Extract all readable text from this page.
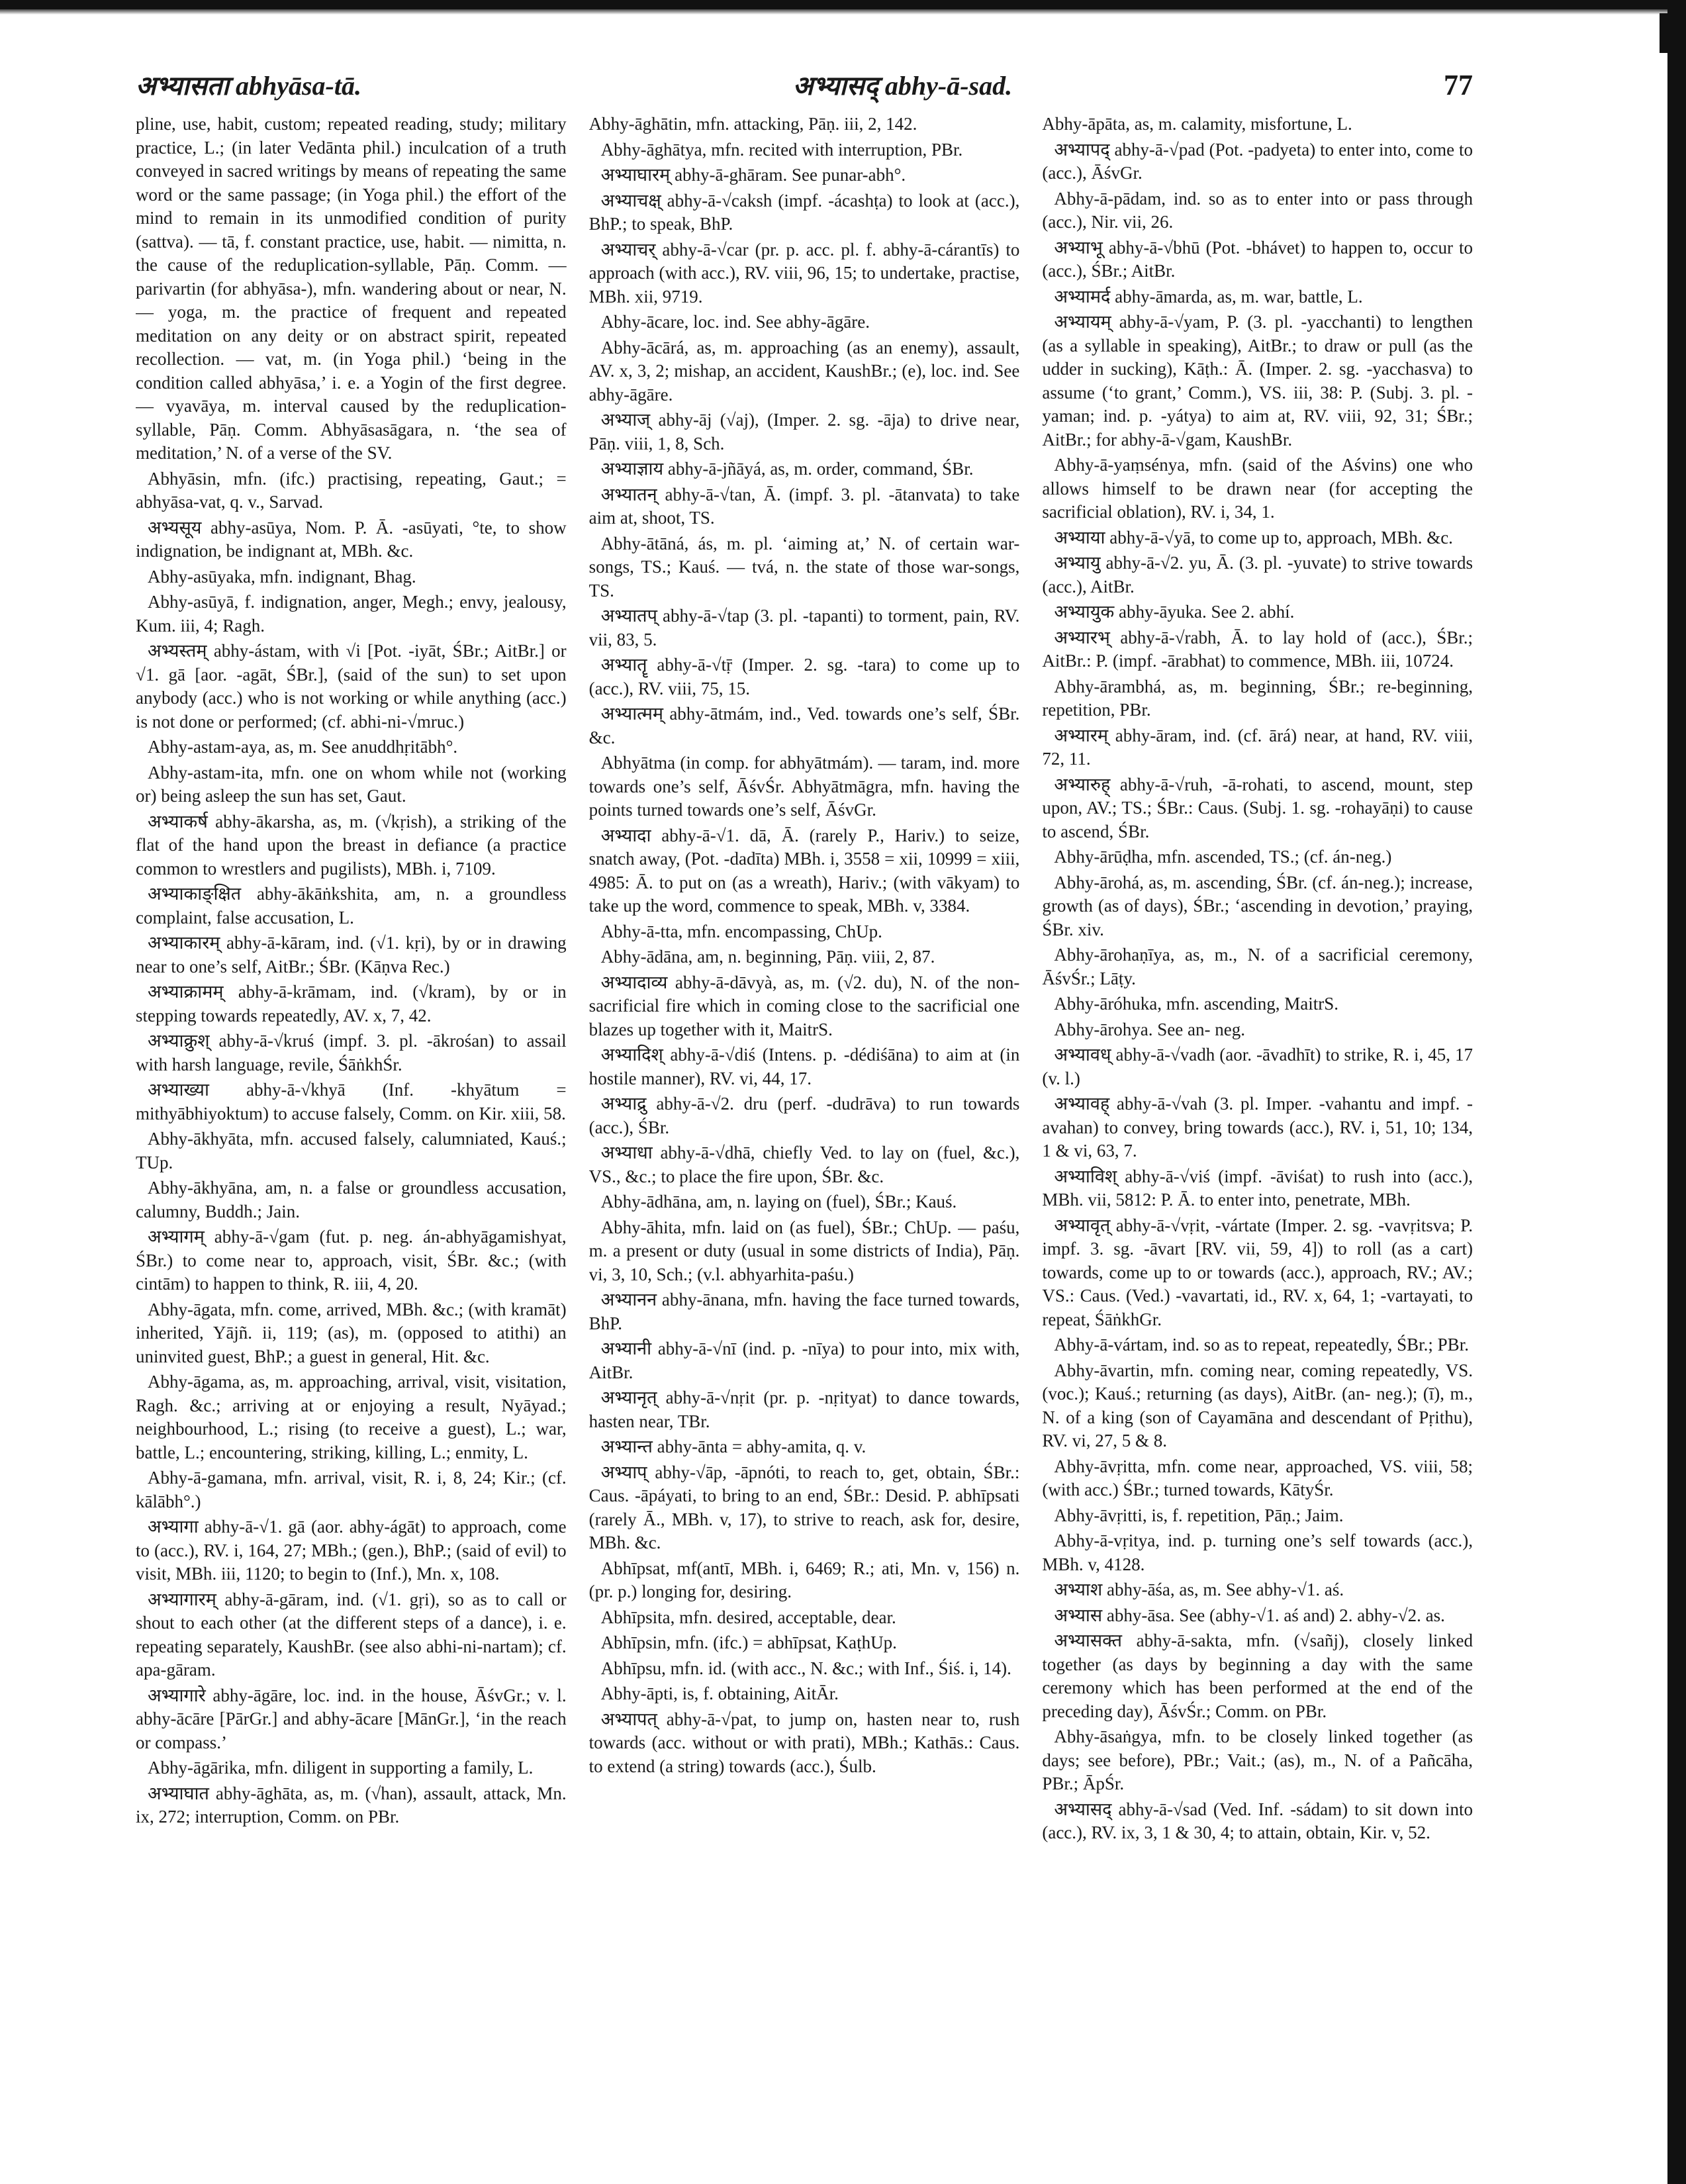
अभ्यासता abhyāsa-tā.	अभ्यासद् abhy-ā-sad.	77

pline, use, habit, custom; repeated reading, study; military practice, L.; (in later Vedānta phil.) inculcation of a truth conveyed in sacred writings by means of repeating the same word or the same passage; (in Yoga phil.) the effort of the mind to remain in its unmodified condition of purity (sattva). — tā, f. constant practice, use, habit. — nimitta, n. the cause of the reduplication-syllable, Pāṇ. Comm. — parivartin (for abhyāsa-), mfn. wandering about or near, N. — yoga, m. the practice of frequent and repeated meditation on any deity or on abstract spirit, repeated recollection. — vat, m. (in Yoga phil.) ‘being in the condition called abhyāsa,’ i. e. a Yogin of the first degree. — vyavāya, m. interval caused by the reduplication-syllable, Pāṇ. Comm. Abhyāsasāgara, n. ‘the sea of meditation,’ N. of a verse of the SV.

Abhyāsin, mfn. (ifc.) practising, repeating, Gaut.; = abhyāsa-vat, q. v., Sarvad.

अभ्यसूय abhy-asūya, Nom. P. Ā. -asūyati, °te, to show indignation, be indignant at, MBh. &c.

Abhy-asūyaka, mfn. indignant, Bhag.

Abhy-asūyā, f. indignation, anger, Megh.; envy, jealousy, Kum. iii, 4; Ragh.

अभ्यस्तम् abhy-ástam, with √i [Pot. -iyāt, ŚBr.; AitBr.] or √1. gā [aor. -agāt, ŚBr.], (said of the sun) to set upon anybody (acc.) who is not working or while anything (acc.) is not done or performed; (cf. abhi-ni-√mruc.)

Abhy-astam-aya, as, m. See anuddhṛitābh°.

Abhy-astam-ita, mfn. one on whom while not (working or) being asleep the sun has set, Gaut.

अभ्याकर्ष abhy-ākarsha, as, m. (√kṛish), a striking of the flat of the hand upon the breast in defiance (a practice common to wrestlers and pugilists), MBh. i, 7109.

अभ्याकाङ्क्षित abhy-ākāṅkshita, am, n. a groundless complaint, false accusation, L.

अभ्याकारम् abhy-ā-kāram, ind. (√1. kṛi), by or in drawing near to one’s self, AitBr.; ŚBr. (Kāṇva Rec.)

अभ्याक्रामम् abhy-ā-krāmam, ind. (√kram), by or in stepping towards repeatedly, AV. x, 7, 42.

अभ्याक्रुश् abhy-ā-√kruś (impf. 3. pl. -ākrośan) to assail with harsh language, revile, ŚāṅkhŚr.

अभ्याख्या abhy-ā-√khyā (Inf. -khyātum = mithyābhiyoktum) to accuse falsely, Comm. on Kir. xiii, 58.

Abhy-ākhyāta, mfn. accused falsely, calumniated, Kauś.; TUp.

Abhy-ākhyāna, am, n. a false or groundless accusation, calumny, Buddh.; Jain.

अभ्यागम् abhy-ā-√gam (fut. p. neg. án-abhyāgamishyat, ŚBr.) to come near to, approach, visit, ŚBr. &c.; (with cintām) to happen to think, R. iii, 4, 20.

Abhy-āgata, mfn. come, arrived, MBh. &c.; (with kramāt) inherited, Yājñ. ii, 119; (as), m. (opposed to atithi) an uninvited guest, BhP.; a guest in general, Hit. &c.

Abhy-āgama, as, m. approaching, arrival, visit, visitation, Ragh. &c.; arriving at or enjoying a result, Nyāyad.; neighbourhood, L.; rising (to receive a guest), L.; war, battle, L.; encountering, striking, killing, L.; enmity, L.

Abhy-ā-gamana, mfn. arrival, visit, R. i, 8, 24; Kir.; (cf. kālābh°.)

अभ्यागा abhy-ā-√1. gā (aor. abhy-ágāt) to approach, come to (acc.), RV. i, 164, 27; MBh.; (gen.), BhP.; (said of evil) to visit, MBh. iii, 1120; to begin to (Inf.), Mn. x, 108.

अभ्यागारम् abhy-ā-gāram, ind. (√1. gṛi), so as to call or shout to each other (at the different steps of a dance), i. e. repeating separately, KaushBr. (see also abhi-ni-nartam); cf. apa-gāram.

अभ्यागारे abhy-āgāre, loc. ind. in the house, ĀśvGr.; v. l. abhy-ācāre [PārGr.] and abhy-ācare [MānGr.], ‘in the reach or compass.’

Abhy-āgārika, mfn. diligent in supporting a family, L.

अभ्याघात abhy-āghāta, as, m. (√han), assault, attack, Mn. ix, 272; interruption, Comm. on PBr.

Abhy-āghātin, mfn. attacking, Pāṇ. iii, 2, 142.

Abhy-āghātya, mfn. recited with interruption, PBr.

अभ्याघारम् abhy-ā-ghāram. See punar-abh°.

अभ्याचक्ष् abhy-ā-√caksh (impf. -ácashṭa) to look at (acc.), BhP.; to speak, BhP.

अभ्याचर् abhy-ā-√car (pr. p. acc. pl. f. abhy-ā-cárantīs) to approach (with acc.), RV. viii, 96, 15; to undertake, practise, MBh. xii, 9719.

Abhy-ācare, loc. ind. See abhy-āgāre.

Abhy-ācārá, as, m. approaching (as an enemy), assault, AV. x, 3, 2; mishap, an accident, KaushBr.; (e), loc. ind. See abhy-āgāre.

अभ्याज् abhy-āj (√aj), (Imper. 2. sg. -āja) to drive near, Pāṇ. viii, 1, 8, Sch.

अभ्याज्ञाय abhy-ā-jñāyá, as, m. order, command, ŚBr.

अभ्यातन् abhy-ā-√tan, Ā. (impf. 3. pl. -ātanvata) to take aim at, shoot, TS.

Abhy-ātāná, ás, m. pl. ‘aiming at,’ N. of certain war-songs, TS.; Kauś. — tvá, n. the state of those war-songs, TS.

अभ्यातप् abhy-ā-√tap (3. pl. -tapanti) to torment, pain, RV. vii, 83, 5.

अभ्यातॄ abhy-ā-√tṝ (Imper. 2. sg. -tara) to come up to (acc.), RV. viii, 75, 15.

अभ्यात्मम् abhy-ātmám, ind., Ved. towards one’s self, ŚBr. &c.

Abhyātma (in comp. for abhyātmám). — taram, ind. more towards one’s self, ĀśvŚr. Abhyātmāgra, mfn. having the points turned towards one’s self, ĀśvGr.

अभ्यादा abhy-ā-√1. dā, Ā. (rarely P., Hariv.) to seize, snatch away, (Pot. -dadīta) MBh. i, 3558 = xii, 10999 = xiii, 4985: Ā. to put on (as a wreath), Hariv.; (with vākyam) to take up the word, commence to speak, MBh. v, 3384.

Abhy-ā-tta, mfn. encompassing, ChUp.

Abhy-ādāna, am, n. beginning, Pāṇ. viii, 2, 87.

अभ्यादाव्य abhy-ā-dāvyà, as, m. (√2. du), N. of the non-sacrificial fire which in coming close to the sacrificial one blazes up together with it, MaitrS.

अभ्यादिश् abhy-ā-√diś (Intens. p. -dédiśāna) to aim at (in hostile manner), RV. vi, 44, 17.

अभ्याद्रु abhy-ā-√2. dru (perf. -dudrāva) to run towards (acc.), ŚBr.

अभ्याधा abhy-ā-√dhā, chiefly Ved. to lay on (fuel, &c.), VS., &c.; to place the fire upon, ŚBr. &c.

Abhy-ādhāna, am, n. laying on (fuel), ŚBr.; Kauś.

Abhy-āhita, mfn. laid on (as fuel), ŚBr.; ChUp. — paśu, m. a present or duty (usual in some districts of India), Pāṇ. vi, 3, 10, Sch.; (v.l. abhyarhita-paśu.)

अभ्यानन abhy-ānana, mfn. having the face turned towards, BhP.

अभ्यानी abhy-ā-√nī (ind. p. -nīya) to pour into, mix with, AitBr.

अभ्यानृत् abhy-ā-√nṛit (pr. p. -nṛityat) to dance towards, hasten near, TBr.

अभ्यान्त abhy-ānta = abhy-amita, q. v.

अभ्याप् abhy-√āp, -āpnóti, to reach to, get, obtain, ŚBr.: Caus. -āpáyati, to bring to an end, ŚBr.: Desid. P. abhīpsati (rarely Ā., MBh. v, 17), to strive to reach, ask for, desire, MBh. &c.

Abhīpsat, mf(antī, MBh. i, 6469; R.; ati, Mn. v, 156) n. (pr. p.) longing for, desiring.

Abhīpsita, mfn. desired, acceptable, dear.

Abhīpsin, mfn. (ifc.) = abhīpsat, KaṭhUp.

Abhīpsu, mfn. id. (with acc., N. &c.; with Inf., Śiś. i, 14).

Abhy-āpti, is, f. obtaining, AitĀr.

अभ्यापत् abhy-ā-√pat, to jump on, hasten near to, rush towards (acc. without or with prati), MBh.; Kathās.: Caus. to extend (a string) towards (acc.), Śulb.

Abhy-āpāta, as, m. calamity, misfortune, L.

अभ्यापद् abhy-ā-√pad (Pot. -padyeta) to enter into, come to (acc.), ĀśvGr.

Abhy-ā-pādam, ind. so as to enter into or pass through (acc.), Nir. vii, 26.

अभ्याभू abhy-ā-√bhū (Pot. -bhávet) to happen to, occur to (acc.), ŚBr.; AitBr.

अभ्यामर्द abhy-āmarda, as, m. war, battle, L.

अभ्यायम् abhy-ā-√yam, P. (3. pl. -yacchanti) to lengthen (as a syllable in speaking), AitBr.; to draw or pull (as the udder in sucking), Kāṭh.: Ā. (Imper. 2. sg. -yacchasva) to assume (‘to grant,’ Comm.), VS. iii, 38: P. (Subj. 3. pl. -yaman; ind. p. -yátya) to aim at, RV. viii, 92, 31; ŚBr.; AitBr.; for abhy-ā-√gam, KaushBr.

Abhy-ā-yaṃsénya, mfn. (said of the Aśvins) one who allows himself to be drawn near (for accepting the sacrificial oblation), RV. i, 34, 1.

अभ्याया abhy-ā-√yā, to come up to, approach, MBh. &c.

अभ्यायु abhy-ā-√2. yu, Ā. (3. pl. -yuvate) to strive towards (acc.), AitBr.

अभ्यायुक abhy-āyuka. See 2. abhí.

अभ्यारभ् abhy-ā-√rabh, Ā. to lay hold of (acc.), ŚBr.; AitBr.: P. (impf. -ārabhat) to commence, MBh. iii, 10724.

Abhy-ārambhá, as, m. beginning, ŚBr.; re-beginning, repetition, PBr.

अभ्यारम् abhy-āram, ind. (cf. ārá) near, at hand, RV. viii, 72, 11.

अभ्यारुह् abhy-ā-√ruh, -ā-rohati, to ascend, mount, step upon, AV.; TS.; ŚBr.: Caus. (Subj. 1. sg. -rohayāṇi) to cause to ascend, ŚBr.

Abhy-ārūḍha, mfn. ascended, TS.; (cf. án-neg.)

Abhy-ārohá, as, m. ascending, ŚBr. (cf. án-neg.); increase, growth (as of days), ŚBr.; ‘ascending in devotion,’ praying, ŚBr. xiv.

Abhy-ārohaṇīya, as, m., N. of a sacrificial ceremony, ĀśvŚr.; Lāṭy.

Abhy-āróhuka, mfn. ascending, MaitrS.

Abhy-ārohya. See an- neg.

अभ्यावध् abhy-ā-√vadh (aor. -āvadhīt) to strike, R. i, 45, 17 (v. l.)

अभ्यावह् abhy-ā-√vah (3. pl. Imper. -vahantu and impf. -avahan) to convey, bring towards (acc.), RV. i, 51, 10; 134, 1 & vi, 63, 7.

अभ्याविश् abhy-ā-√viś (impf. -āviśat) to rush into (acc.), MBh. vii, 5812: P. Ā. to enter into, penetrate, MBh.

अभ्यावृत् abhy-ā-√vṛit, -vártate (Imper. 2. sg. -vavṛitsva; P. impf. 3. sg. -āvart [RV. vii, 59, 4]) to roll (as a cart) towards, come up to or towards (acc.), approach, RV.; AV.; VS.: Caus. (Ved.) -vavartati, id., RV. x, 64, 1; -vartayati, to repeat, ŚāṅkhGr.

Abhy-ā-vártam, ind. so as to repeat, repeatedly, ŚBr.; PBr.

Abhy-āvartin, mfn. coming near, coming repeatedly, VS. (voc.); Kauś.; returning (as days), AitBr. (an- neg.); (ī), m., N. of a king (son of Cayamāna and descendant of Pṛithu), RV. vi, 27, 5 & 8.

Abhy-āvṛitta, mfn. come near, approached, VS. viii, 58; (with acc.) ŚBr.; turned towards, KātyŚr.

Abhy-āvṛitti, is, f. repetition, Pāṇ.; Jaim.

Abhy-ā-vṛitya, ind. p. turning one’s self towards (acc.), MBh. v, 4128.

अभ्याश abhy-āśa, as, m. See abhy-√1. aś.

अभ्यास abhy-āsa. See (abhy-√1. aś and) 2. abhy-√2. as.

अभ्यासक्त abhy-ā-sakta, mfn. (√sañj), closely linked together (as days by beginning a day with the same ceremony which has been performed at the end of the preceding day), ĀśvŚr.; Comm. on PBr.

Abhy-āsaṅgya, mfn. to be closely linked together (as days; see before), PBr.; Vait.; (as), m., N. of a Pañcāha, PBr.; ĀpŚr.

अभ्यासद् abhy-ā-√sad (Ved. Inf. -sádam) to sit down into (acc.), RV. ix, 3, 1 & 30, 4; to attain, obtain, Kir. v, 52.
